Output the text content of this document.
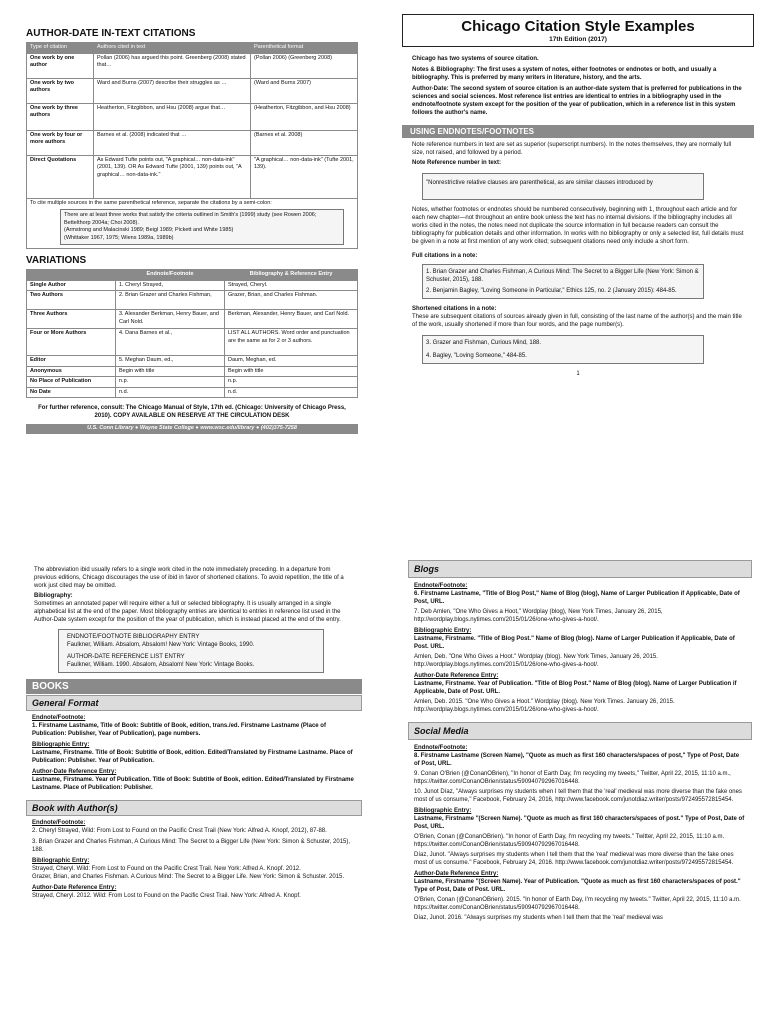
AUTHOR-DATE IN-TEXT CITATIONS
Type of citation	Authors cited in text	Parenthetical format
One work by one author	Pollan (2006) has argued this point. Greenberg (2008) stated that…	(Pollan 2006) (Greenberg 2008)
One work by two authors	Ward and Burns (2007) describe their struggles as …	(Ward and Burns 2007)
One work by three authors	Heatherton, Fitzgibbon, and Hsu (2008) argue that…	(Heatherton, Fitzgibbon, and Hsu 2008)
One work by four or more authors	Barnes et al. (2008) indicated that …	(Barnes et al. 2008)
Direct Quotations	As Edward Tufte points out, "A graphical… non-data-ink" (2001, 139). OR As Edward Tufte (2001, 139) points out, "A graphical… non-data-ink."	"A graphical… non-data-ink" (Tufte 2001, 139).

To cite multiple sources in the same parenthetical reference, separate the citations by a semi-colon:
There are at least three works that satisfy the criteria outlined in Smith's (1999) study (see Rowen 2006; Bettelthorp 2004a; Choi 2008).
(Armstrong and Malacinski 1989; Beigl 1989; Pickett and White 1985)
(Whittaker 1967, 1975; Wiens 1989a, 1989b)		
VARIATIONS
	Endnote/Footnote	Bibliography & Reference Entry
Single Author	1. Cheryl Strayed,	Strayed, Cheryl.
Two Authors	2. Brian Grazer and Charles Fishman,	Grazer, Brian, and Charles Fishman.
Three Authors	3. Alexander Berkman, Henry Bauer, and Carl Nold.	Berkman, Alexander, Henry Bauer, and Carl Nold.
Four or More Authors	4. Dana Barnes et al.,	LIST ALL AUTHORS. Word order and punctuation are the same as for 2 or 3 authors.
Editor	5. Meghan Daum, ed.,	Daum, Meghan, ed.
Anonymous	Begin with title	Begin with title
No Place of Publication	n.p.	n.p.
No Date	n.d.	n.d.
For further reference, consult: The Chicago Manual of Style, 17th ed. (Chicago: University of Chicago Press, 2010). COPY AVAILABLE ON RESERVE AT THE CIRCULATION DESK
U.S. Conn Library ● Wayne State College ● www.wsc.edu/library ● (402)375-7258
Chicago Citation Style Examples
17th Edition (2017)
Chicago has two systems of source citation.
Notes & Bibliography: The first uses a system of notes, either footnotes or endnotes or both, and usually a bibliography. This is preferred by many writers in literature, history, and the arts.
Author-Date: The second system of source citation is an author-date system that is preferred for publications in the sciences and social sciences. Most reference list entries are identical to entries in a bibliography used in the endnote/footnote system except for the position of the year of publication, which in a reference list in this system follows the author's name.
USING ENDNOTES/FOOTNOTES
Note reference numbers in text are set as superior (superscript numbers). In the notes themselves, they are normally full size, not raised, and followed by a period.
Note Reference number in text:
"Nonrestrictive relative clauses are parenthetical, as are similar clauses introduced by
Notes, whether footnotes or endnotes should be numbered consecutively, beginning with 1, throughout each article and for each new chapter—not throughout an entire book unless the text has no internal divisions. If the bibliography includes all works cited in the notes, the notes need not duplicate the source information in full because readers can consult the bibliography for publication details and other information. In works with no bibliography or only a selected list, full details must be given in a note at first mention of any work cited; subsequent citations need only include a short form.
Full citations in a note:
1. Brian Grazer and Charles Fishman, A Curious Mind: The Secret to a Bigger Life (New York: Simon & Schuster, 2015), 188.
2. Benjamin Bagley, "Loving Someone in Particular," Ethics 125, no. 2 (January 2015): 484-85.
Shortened citations in a note:
These are subsequent citations of sources already given in full, consisting of the last name of the author(s) and the main title of the work, usually shortened if more than four words, and the page number(s).
3. Grazer and Fishman, Curious Mind, 188.
4. Bagley, "Loving Someone," 484-85.
1
The abbreviation ibid usually refers to a single work cited in the note immediately preceding. In a departure from previous editions, Chicago discourages the use of ibid in favor of shortened citations. To avoid repetition, the title of a work just cited may be omitted.
Bibliography:
Sometimes an annotated paper will require either a full or selected bibliography. It is usually arranged in a single alphabetical list at the end of the paper. Most bibliography entries are identical to entries in reference list used in the Author-Date system except for the position of the year of publication, which is instead placed at the end of the entry.
ENDNOTE/FOOTNOTE BIBLIOGRAPHY ENTRY
Faulkner, William. Absalom, Absalom! New York: Vintage Books, 1990.
AUTHOR-DATE REFERENCE LIST ENTRY
Faulkner, William. 1990. Absalom, Absalom! New York: Vintage Books.
BOOKS
General Format
Endnote/Footnote:
1. Firstname Lastname, Title of Book: Subtitle of Book, edition, trans./ed. Firstname Lastname (Place of Publication: Publisher, Year of Publication), page numbers.
Bibliographic Entry:
Lastname, Firstname. Title of Book: Subtitle of Book, edition. Edited/Translated by Firstname Lastname. Place of Publication: Publisher. Year of Publication.
Author-Date Reference Entry:
Lastname, Firstname. Year of Publication. Title of Book: Subtitle of Book, edition. Edited/Translated by Firstname Lastname. Place of Publication: Publisher.
Book with Author(s)
Endnote/Footnote:
2. Cheryl Strayed, Wild: From Lost to Found on the Pacific Crest Trail (New York: Alfred A. Knopf, 2012), 87-88.
3. Brian Grazer and Charles Fishman, A Curious Mind: The Secret to a Bigger Life (New York: Simon & Schuster, 2015), 188.
Bibliographic Entry:
Strayed, Cheryl. Wild: From Lost to Found on the Pacific Crest Trail. New York: Alfred A. Knopf. 2012.
Grazer, Brian, and Charles Fishman. A Curious Mind: The Secret to a Bigger Life. New York: Simon & Schuster. 2015.
Author-Date Reference Entry:
Strayed, Cheryl. 2012. Wild: From Lost to Found on the Pacific Crest Trail. New York: Alfred A. Knopf.
Blogs
Endnote/Footnote:
6. Firstname Lastname, "Title of Blog Post," Name of Blog (blog), Name of Larger Publication if Applicable, Date of Post, URL.
7. Deb Amlen, "One Who Gives a Hoot," Wordplay (blog), New York Times, January 26, 2015, http://wordplay.blogs.nytimes.com/2015/01/26/one-who-gives-a-hoot/.
Bibliographic Entry:
Lastname, Firstname. "Title of Blog Post." Name of Blog (blog). Name of Larger Publication if Applicable, Date of Post. URL.
Amlen, Deb. "One Who Gives a Hoot." Wordplay (blog). New York Times, January 26, 2015. http://wordplay.blogs.nytimes.com/2015/01/26/one-who-gives-a-hoot/.
Author-Date Reference Entry:
Lastname, Firstname. Year of Publication. "Title of Blog Post." Name of Blog (blog). Name of Larger Publication if Applicable, Date of Post. URL.
Amlen, Deb. 2015. "One Who Gives a Hoot." Wordplay (blog). New York Times. January 26, 2015. http://wordplay.blogs.nytimes.com/2015/01/26/one-who-gives-a-hoot/.
Social Media
Endnote/Footnote:
8. Firstname Lastname (Screen Name), "Quote as much as first 160 characters/spaces of post," Type of Post, Date of Post, URL.
9. Conan O'Brien (@ConanOBrien), "In honor of Earth Day, I'm recycling my tweets," Twitter, April 22, 2015, 11:10 a.m., https://twitter.com/ConanOBrien/status/590940792967016448.
10. Junot Díaz, "Always surprises my students when I tell them that the 'real' medieval was more diverse than the fake ones most of us consume," Facebook, February 24, 2016, http://www.facebook.com/junotdiaz.writer/posts/972495572815454.
Bibliographic Entry:
Lastname, Firstname "(Screen Name). "Quote as much as first 160 characters/spaces of post." Type of Post, Date of Post, URL.
O'Brien, Conan (@ConanOBrien). "In honor of Earth Day, I'm recycling my tweets." Twitter, April 22, 2015, 11:10 a.m. https://twitter.com/ConanOBrien/status/590940792967016448.
Díaz, Junot. "Always surprises my students when I tell them that the 'real' medieval was more diverse than the fake ones most of us consume." Facebook, February 24, 2016. http://www.facebook.com/junotdiaz.writer/posts/972495572815454.
Author-Date Reference Entry:
Lastname, Firstname "(Screen Name). Year of Publication. "Quote as much as first 160 characters/spaces of post." Type of Post, Date of Post. URL.
O'Brien, Conan (@ConanOBrien). 2015. "In honor of Earth Day, I'm recycling my tweets." Twitter, April 22, 2015, 11:10 a.m. https://twitter.com/ConanOBrien/status/590940792967016448.
Díaz, Junot. 2016. "Always surprises my students when I tell them that the 'real' medieval was
